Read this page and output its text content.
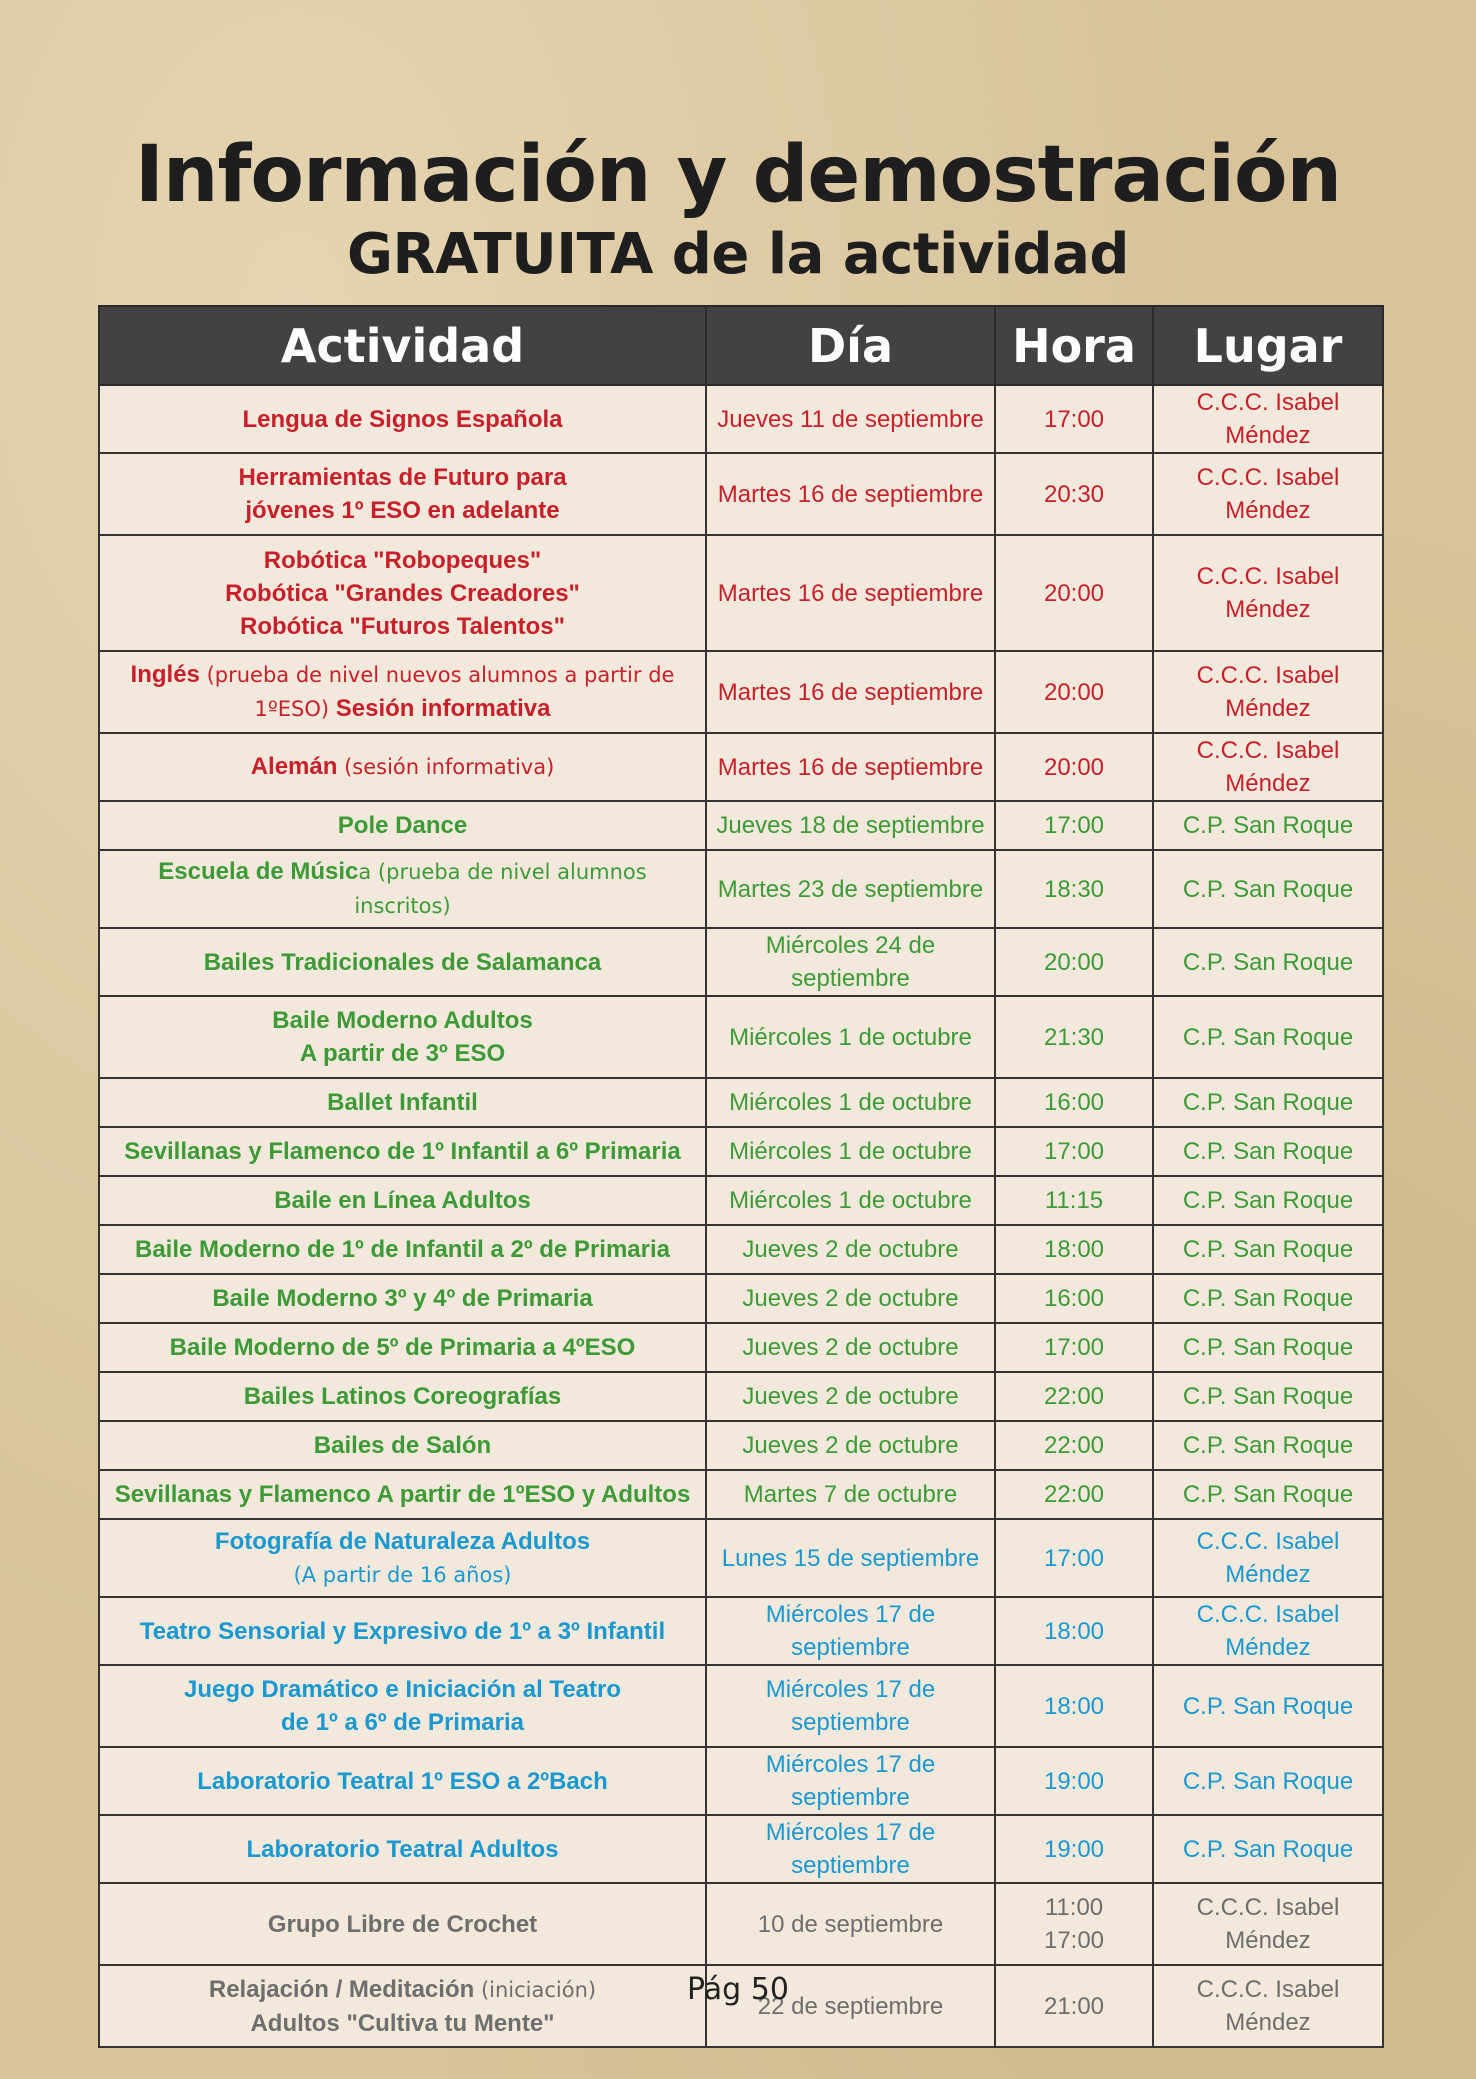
Información y demostración
GRATUITA de la actividad
Actividad	Día	Hora	Lugar

Lengua de Signos Española	Jueves 11 de septiembre	17:00	C.C.C. Isabel Méndez

Herramientas de Futuro para
jóvenes 1º ESO en adelante	Martes 16 de septiembre	20:30	C.C.C. Isabel Méndez

Robótica "Robopeques"
Robótica "Grandes Creadores"
Robótica "Futuros Talentos"	Martes 16 de septiembre	20:00	C.C.C. Isabel Méndez

Inglés (prueba de nivel nuevos alumnos a partir de 1ºESO) Sesión informativa	Martes 16 de septiembre	20:00	C.C.C. Isabel Méndez

Alemán (sesión informativa)	Martes 16 de septiembre	20:00	C.C.C. Isabel Méndez

Pole Dance	Jueves 18 de septiembre	17:00	C.P. San Roque

Escuela de Música (prueba de nivel alumnos inscritos)	Martes 23 de septiembre	18:30	C.P. San Roque

Bailes Tradicionales de Salamanca	Miércoles 24 de septiembre	20:00	C.P. San Roque

Baile Moderno Adultos
A partir de 3º ESO	Miércoles 1 de octubre	21:30	C.P. San Roque

Ballet Infantil	Miércoles 1 de octubre	16:00	C.P. San Roque

Sevillanas y Flamenco de 1º Infantil a 6º Primaria	Miércoles 1 de octubre	17:00	C.P. San Roque

Baile en Línea Adultos	Miércoles 1 de octubre	11:15	C.P. San Roque

Baile Moderno de 1º de Infantil a 2º de Primaria	Jueves 2 de octubre	18:00	C.P. San Roque

Baile Moderno 3º y 4º de Primaria	Jueves 2 de octubre	16:00	C.P. San Roque

Baile Moderno de 5º de Primaria a 4ºESO	Jueves 2 de octubre	17:00	C.P. San Roque

Bailes Latinos Coreografías	Jueves 2 de octubre	22:00	C.P. San Roque

Bailes de Salón	Jueves 2 de octubre	22:00	C.P. San Roque

Sevillanas y Flamenco A partir de 1ºESO y Adultos	Martes 7 de octubre	22:00	C.P. San Roque

Fotografía de Naturaleza Adultos
(A partir de 16 años)	Lunes 15 de septiembre	17:00	C.C.C. Isabel Méndez

Teatro Sensorial y Expresivo de 1º a 3º Infantil	Miércoles 17 de septiembre	18:00	C.C.C. Isabel Méndez

Juego Dramático e Iniciación al Teatro
de 1º a 6º de Primaria	Miércoles 17 de septiembre	18:00	C.P. San Roque

Laboratorio Teatral 1º ESO a 2ºBach	Miércoles 17 de septiembre	19:00	C.P. San Roque

Laboratorio Teatral Adultos	Miércoles 17 de septiembre	19:00	C.P. San Roque

Grupo Libre de Crochet	10 de septiembre	11:00
17:00	C.C.C. Isabel Méndez

Relajación / Meditación (iniciación)
Adultos "Cultiva tu Mente"	22 de septiembre	21:00	C.C.C. Isabel Méndez
Pág 50
